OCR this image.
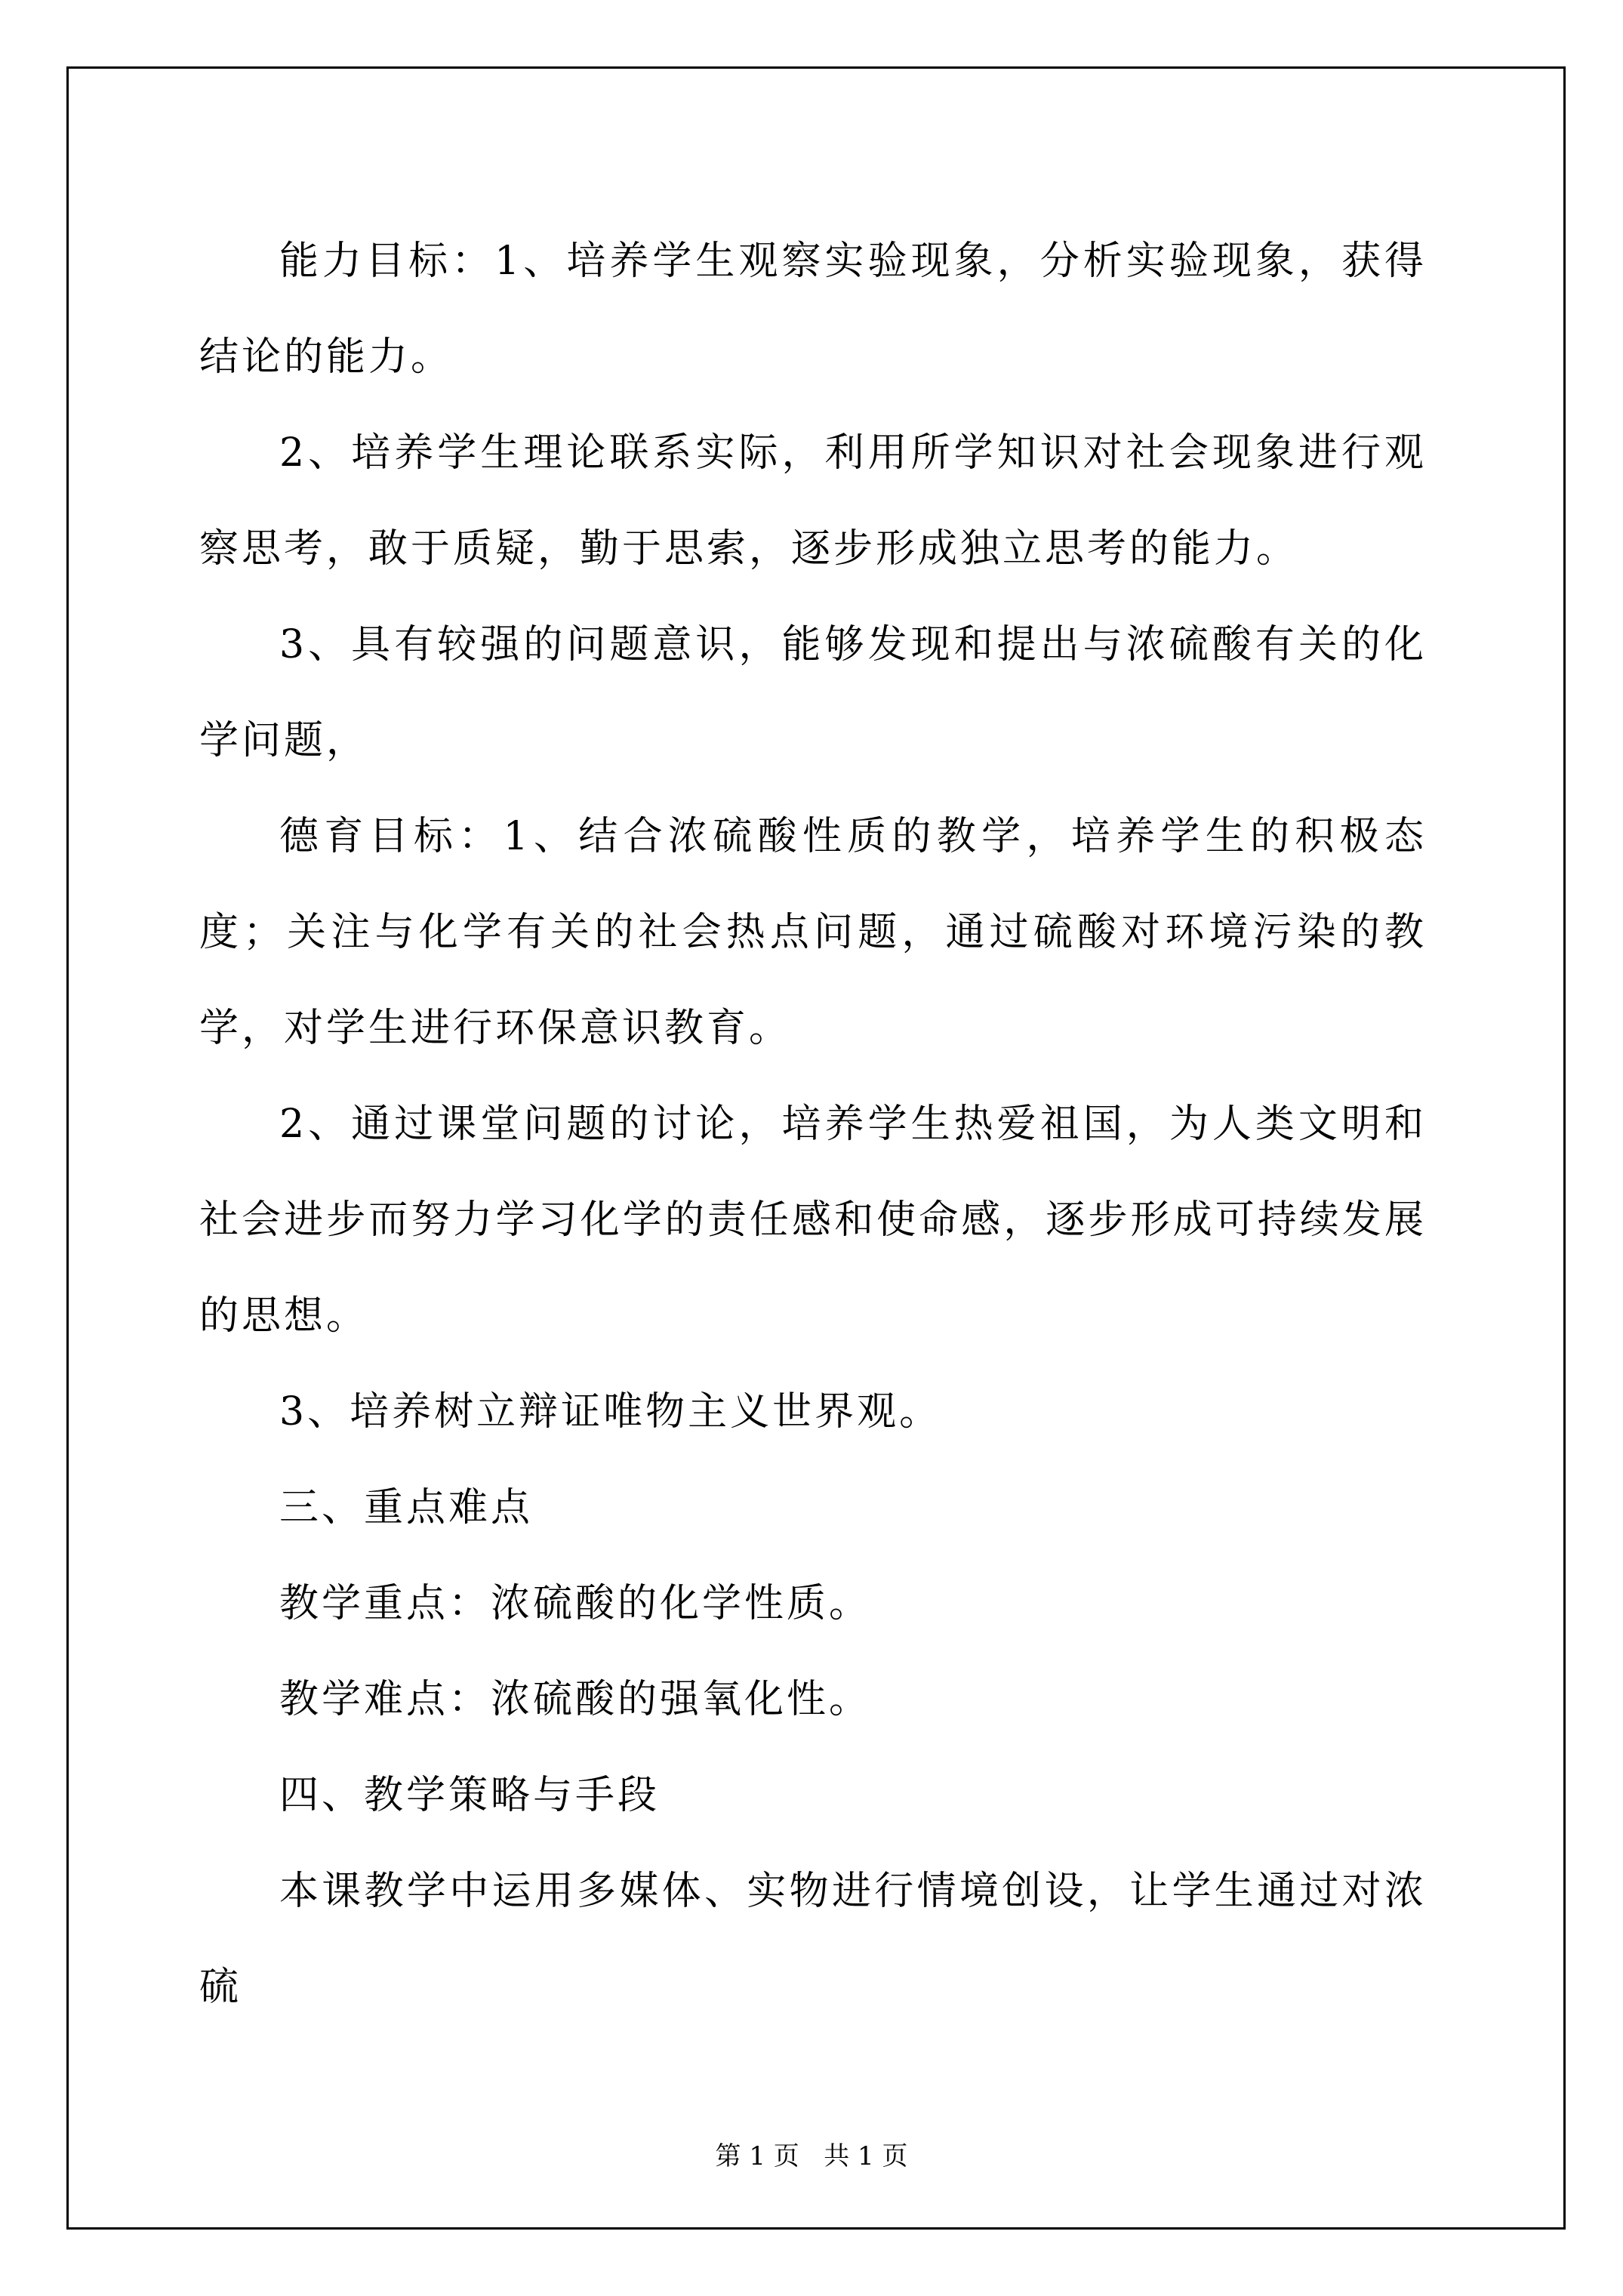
能力目标：1、培养学生观察实验现象，分析实验现象，获得结论的能力。

2、培养学生理论联系实际，利用所学知识对社会现象进行观察思考，敢于质疑，勤于思索，逐步形成独立思考的能力。

3、具有较强的问题意识，能够发现和提出与浓硫酸有关的化学问题，

德育目标：1、结合浓硫酸性质的教学，培养学生的积极态度；关注与化学有关的社会热点问题，通过硫酸对环境污染的教学，对学生进行环保意识教育。

2、通过课堂问题的讨论，培养学生热爱祖国，为人类文明和社会进步而努力学习化学的责任感和使命感，逐步形成可持续发展的思想。

3、培养树立辩证唯物主义世界观。

三、重点难点

教学重点：浓硫酸的化学性质。

教学难点：浓硫酸的强氧化性。

四、教学策略与手段

本课教学中运用多媒体、实物进行情境创设，让学生通过对浓硫

第 1 页   共 1 页
